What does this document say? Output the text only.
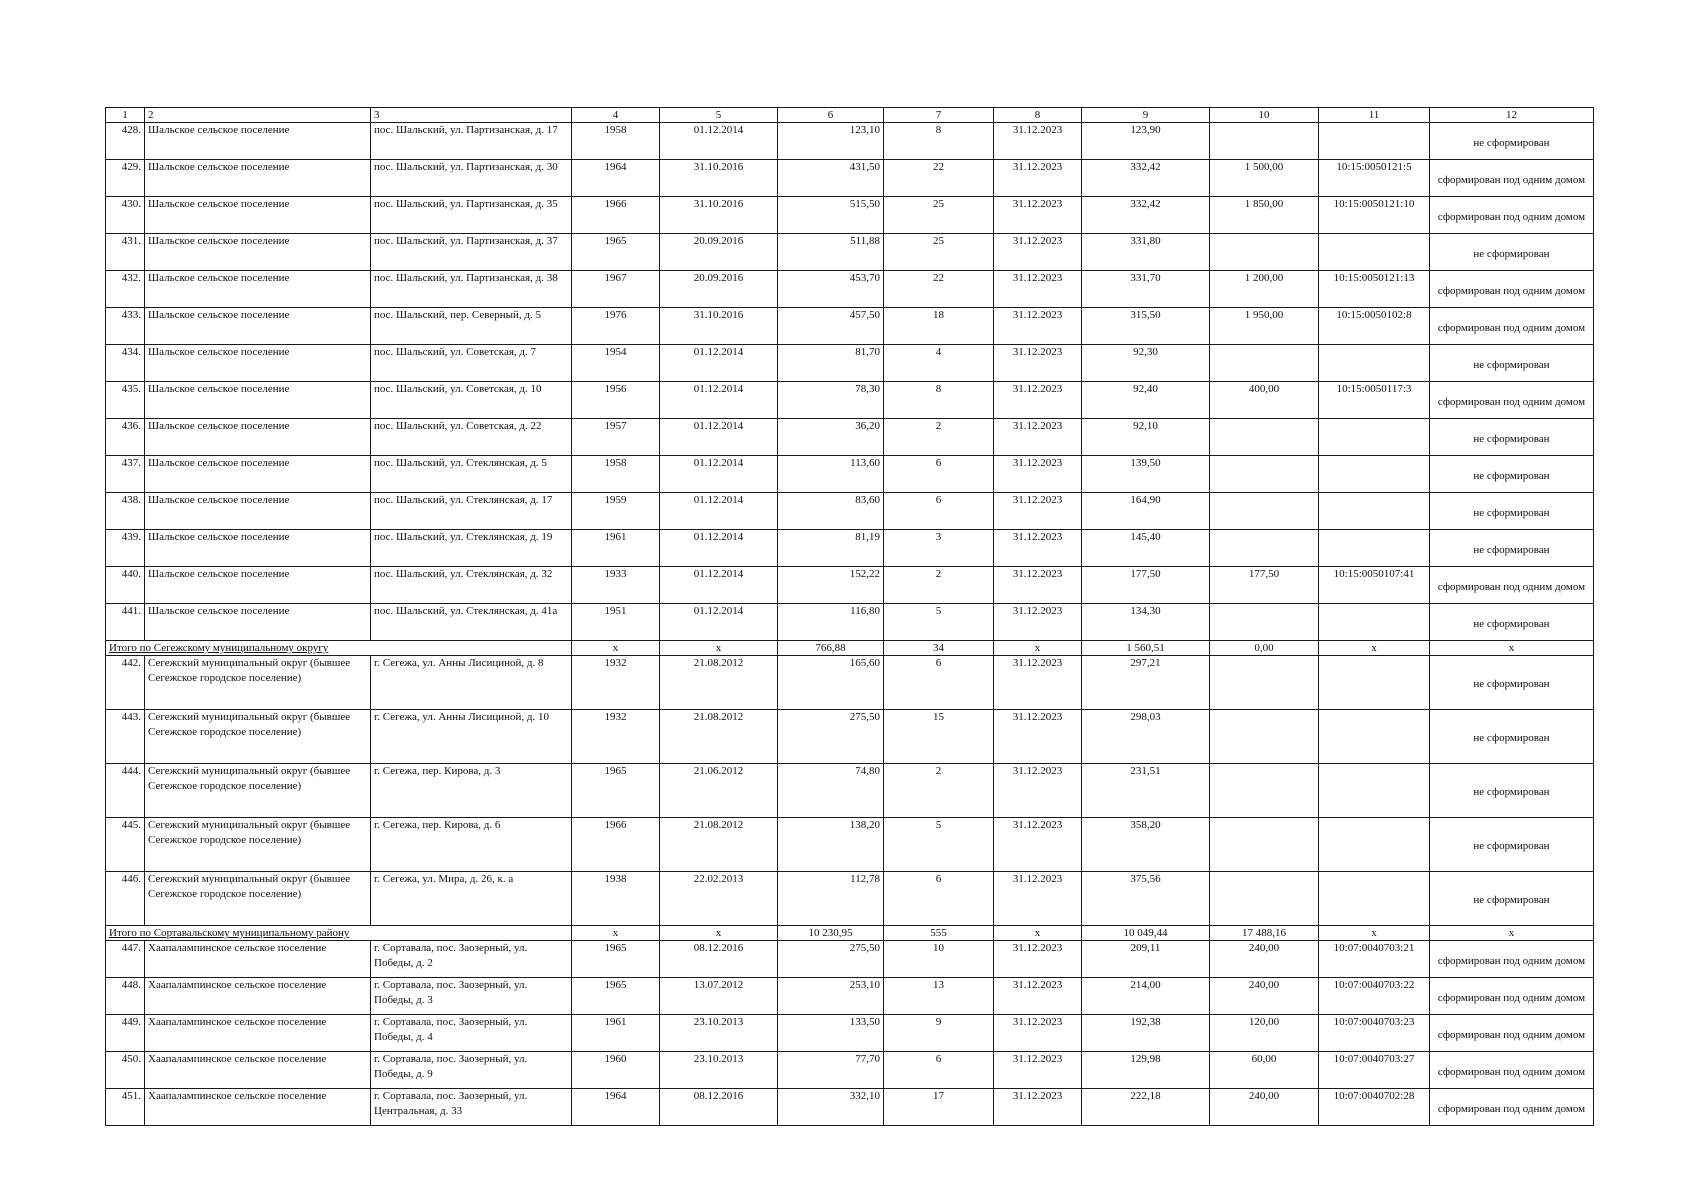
1	2	3	4	5	6	7	8	9	10	11	12
428.	Шальское сельское поселение	пос. Шальский, ул. Партизанская, д. 17	1958	01.12.2014	123,10	8	31.12.2023	123,90			не сформирован
429.	Шальское сельское поселение	пос. Шальский, ул. Партизанская, д. 30	1964	31.10.2016	431,50	22	31.12.2023	332,42	1 500,00	10:15:0050121:5	сформирован под одним домом
430.	Шальское сельское поселение	пос. Шальский, ул. Партизанская, д. 35	1966	31.10.2016	515,50	25	31.12.2023	332,42	1 850,00	10:15:0050121:10	сформирован под одним домом
431.	Шальское сельское поселение	пос. Шальский, ул. Партизанская, д. 37	1965	20.09.2016	511,88	25	31.12.2023	331,80			не сформирован
432.	Шальское сельское поселение	пос. Шальский, ул. Партизанская, д. 38	1967	20.09.2016	453,70	22	31.12.2023	331,70	1 200,00	10:15:0050121:13	сформирован под одним домом
433.	Шальское сельское поселение	пос. Шальский, пер. Северный, д. 5	1976	31.10.2016	457,50	18	31.12.2023	315,50	1 950,00	10:15:0050102:8	сформирован под одним домом
434.	Шальское сельское поселение	пос. Шальский, ул. Советская, д. 7	1954	01.12.2014	81,70	4	31.12.2023	92,30			не сформирован
435.	Шальское сельское поселение	пос. Шальский, ул. Советская, д. 10	1956	01.12.2014	78,30	8	31.12.2023	92,40	400,00	10:15:0050117:3	сформирован под одним домом
436.	Шальское сельское поселение	пос. Шальский, ул. Советская, д. 22	1957	01.12.2014	36,20	2	31.12.2023	92,10			не сформирован
437.	Шальское сельское поселение	пос. Шальский, ул. Стеклянская, д. 5	1958	01.12.2014	113,60	6	31.12.2023	139,50			не сформирован
438.	Шальское сельское поселение	пос. Шальский, ул. Стеклянская, д. 17	1959	01.12.2014	83,60	6	31.12.2023	164,90			не сформирован
439.	Шальское сельское поселение	пос. Шальский, ул. Стеклянская, д. 19	1961	01.12.2014	81,19	3	31.12.2023	145,40			не сформирован
440.	Шальское сельское поселение	пос. Шальский, ул. Стеклянская, д. 32	1933	01.12.2014	152,22	2	31.12.2023	177,50	177,50	10:15:0050107:41	сформирован под одним домом
441.	Шальское сельское поселение	пос. Шальский, ул. Стеклянская, д. 41а	1951	01.12.2014	116,80	5	31.12.2023	134,30			не сформирован
Итого по Сегежскому муниципальному округу			x	x	766,88	34	x	1 560,51	0,00	x	x
442.	Сегежский муниципальный округ (бывшее Сегежское городское поселение)	г. Сегежа, ул. Анны Лисициной, д. 8	1932	21.08.2012	165,60	6	31.12.2023	297,21			не сформирован
443.	Сегежский муниципальный округ (бывшее Сегежское городское поселение)	г. Сегежа, ул. Анны Лисициной, д. 10	1932	21.08.2012	275,50	15	31.12.2023	298,03			не сформирован
444.	Сегежский муниципальный округ (бывшее Сегежское городское поселение)	г. Сегежа, пер. Кирова, д. 3	1965	21.06.2012	74,80	2	31.12.2023	231,51			не сформирован
445.	Сегежский муниципальный округ (бывшее Сегежское городское поселение)	г. Сегежа, пер. Кирова, д. 6	1966	21.08.2012	138,20	5	31.12.2023	358,20			не сформирован
446.	Сегежский муниципальный округ (бывшее Сегежское городское поселение)	г. Сегежа, ул. Мира, д. 26, к. а	1938	22.02.2013	112,78	6	31.12.2023	375,56			не сформирован
Итого по Сортавальскому муниципальному району			x	x	10 230,95	555	x	10 049,44	17 488,16	x	x
447.	Хаапалампинское сельское поселение	г. Сортавала, пос. Заозерный, ул. Победы, д. 2	1965	08.12.2016	275,50	10	31.12.2023	209,11	240,00	10:07:0040703:21	сформирован под одним домом
448.	Хаапалампинское сельское поселение	г. Сортавала, пос. Заозерный, ул. Победы, д. 3	1965	13.07.2012	253,10	13	31.12.2023	214,00	240,00	10:07:0040703:22	сформирован под одним домом
449.	Хаапалампинское сельское поселение	г. Сортавала, пос. Заозерный, ул. Победы, д. 4	1961	23.10.2013	133,50	9	31.12.2023	192,38	120,00	10:07:0040703:23	сформирован под одним домом
450.	Хаапалампинское сельское поселение	г. Сортавала, пос. Заозерный, ул. Победы, д. 9	1960	23.10.2013	77,70	6	31.12.2023	129,98	60,00	10:07:0040703:27	сформирован под одним домом
451.	Хаапалампинское сельское поселение	г. Сортавала, пос. Заозерный, ул. Центральная, д. 33	1964	08.12.2016	332,10	17	31.12.2023	222,18	240,00	10:07:0040702:28	сформирован под одним домом
